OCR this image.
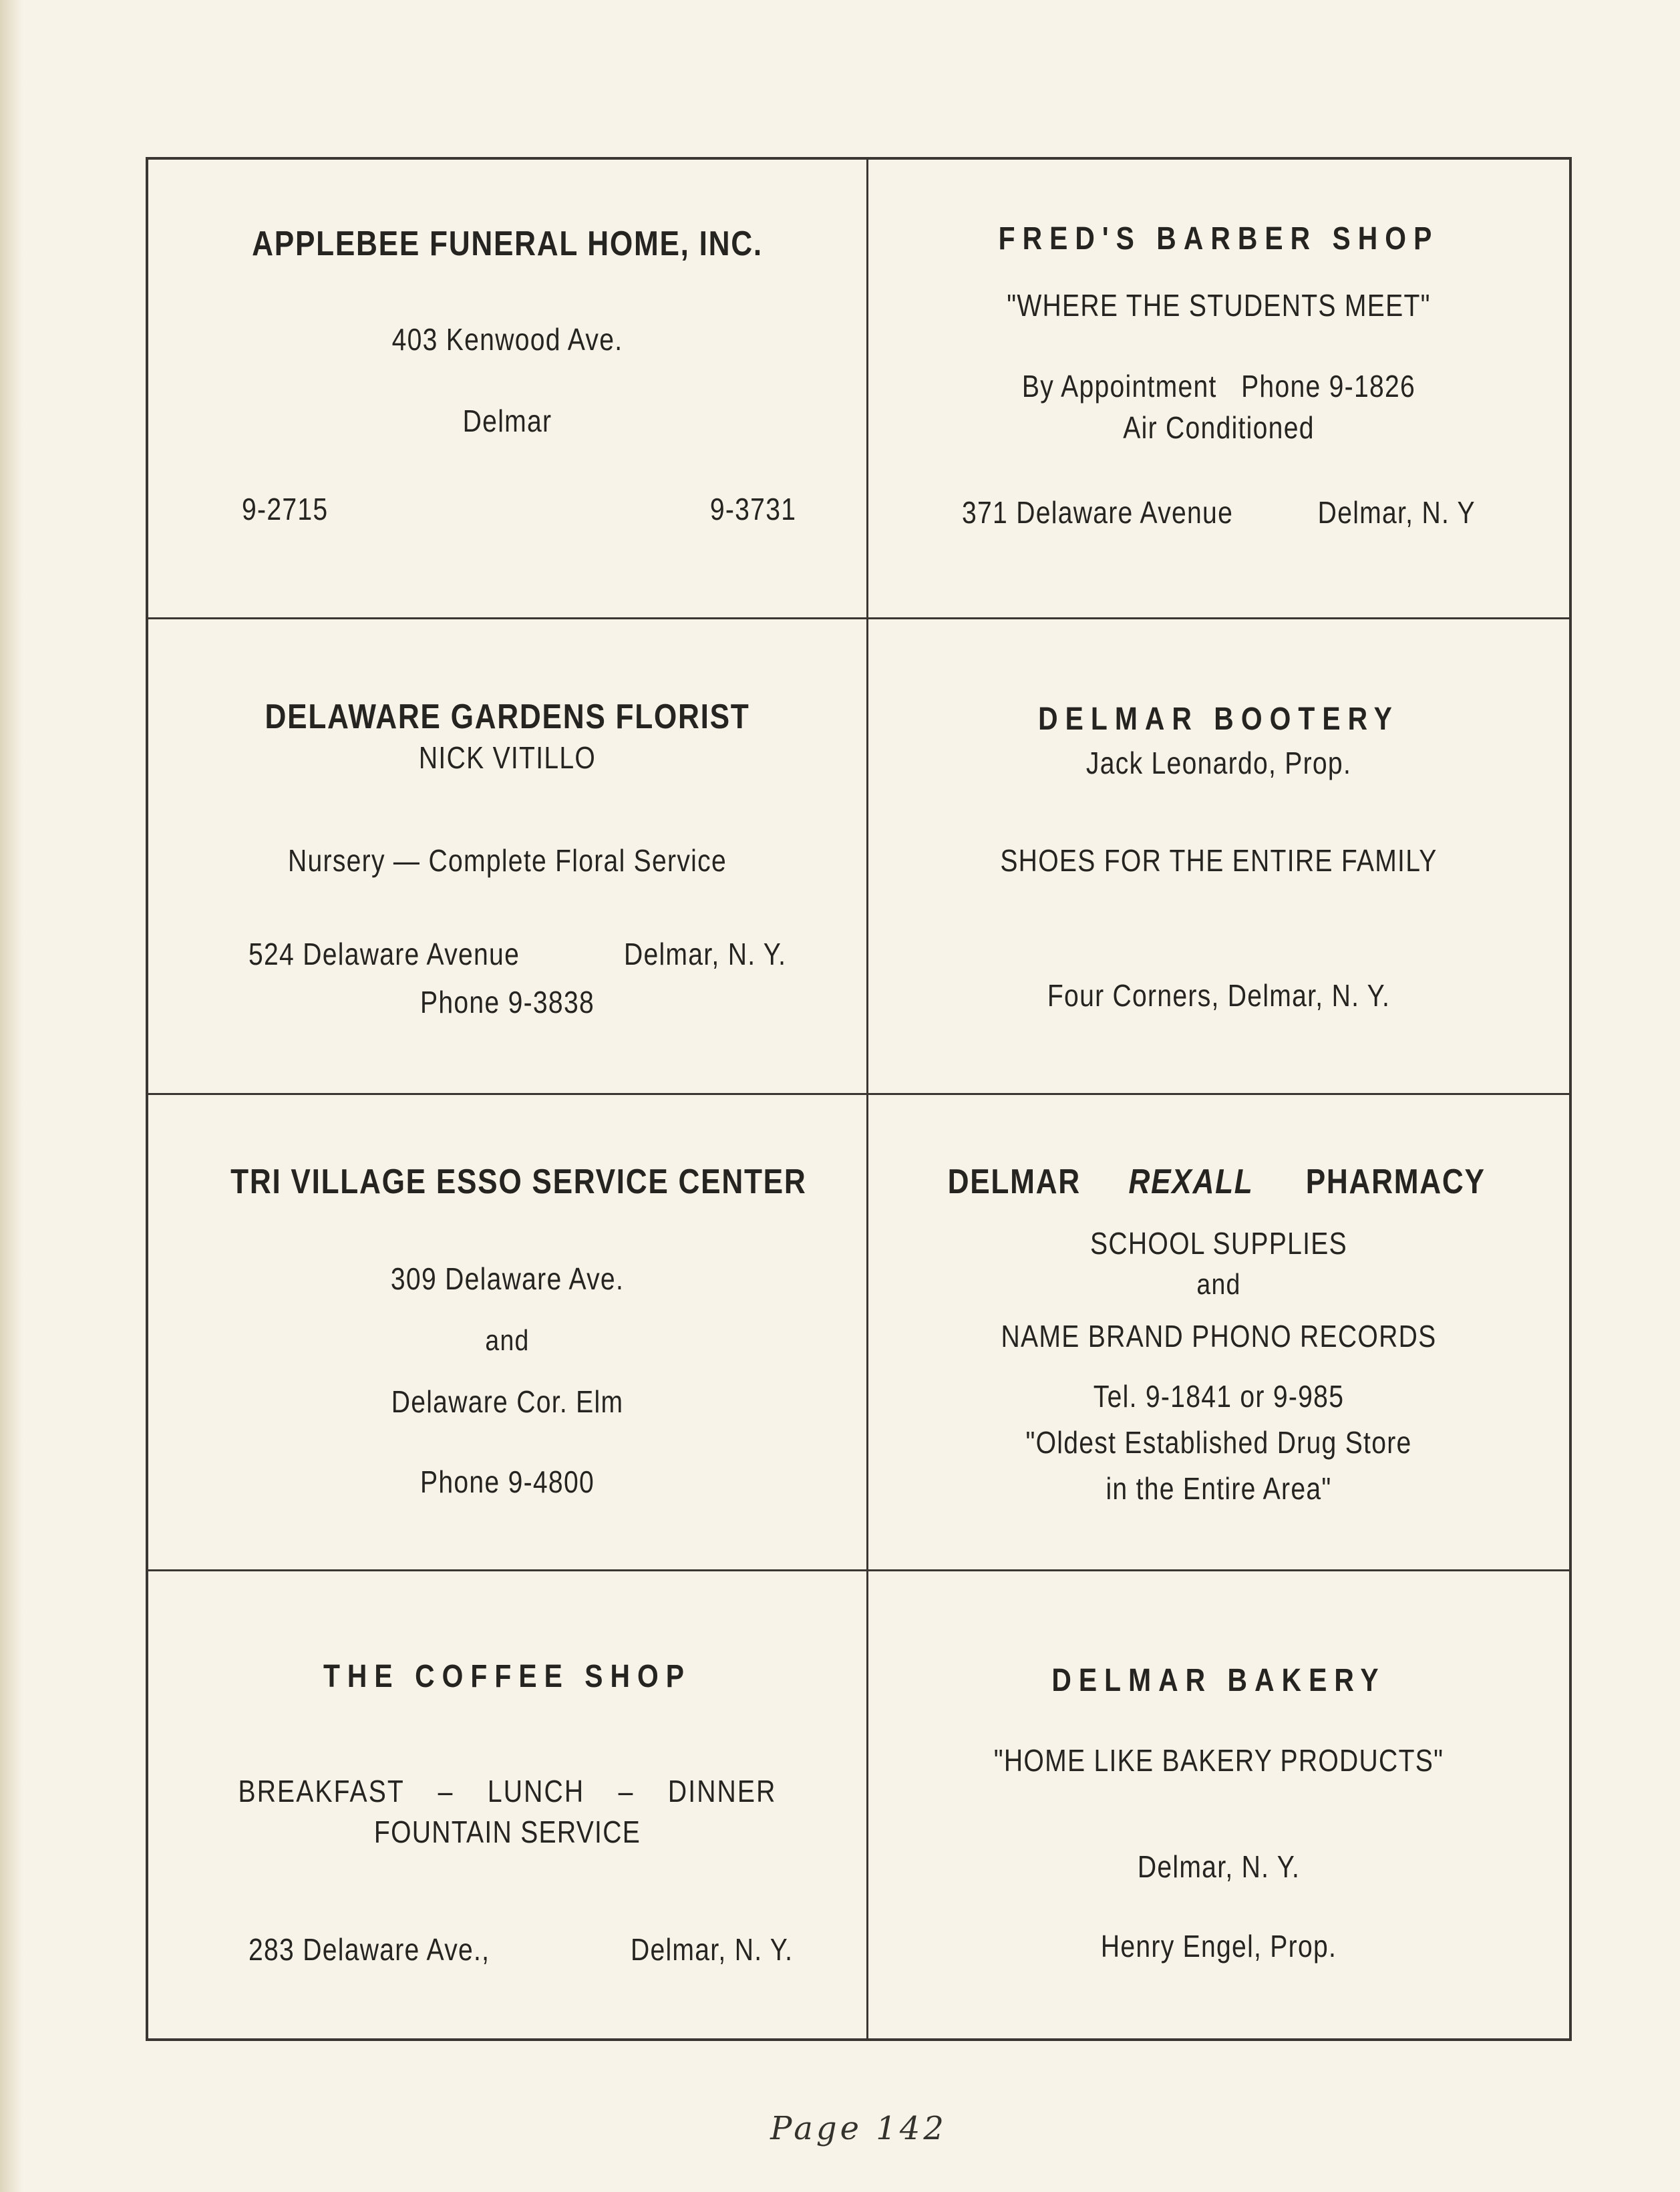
APPLEBEE FUNERAL HOME, INC.
403 Kenwood Ave.
Delmar
9-2715	9-3731
FRED'S BARBER SHOP
"WHERE THE STUDENTS MEET"
By Appointment   Phone 9-1826
Air Conditioned
371 Delaware Avenue	Delmar, N. Y
DELAWARE GARDENS FLORIST
NICK VITILLO
Nursery — Complete Floral Service
524 Delaware Avenue	Delmar, N. Y.
Phone 9-3838
DELMAR BOOTERY
Jack Leonardo, Prop.
SHOES FOR THE ENTIRE FAMILY
Four Corners, Delmar, N. Y.
TRI VILLAGE ESSO SERVICE CENTER
309 Delaware Ave.
and
Delaware Cor. Elm
Phone 9-4800
DELMAR REXALL PHARMACY
SCHOOL SUPPLIES
and
NAME BRAND PHONO RECORDS
Tel. 9-1841 or 9-985
"Oldest Established Drug Store
in the Entire Area"
THE COFFEE SHOP
BREAKFAST – LUNCH – DINNER
FOUNTAIN SERVICE
283 Delaware Ave.,	Delmar, N. Y.
DELMAR BAKERY
"HOME LIKE BAKERY PRODUCTS"
Delmar, N. Y.
Henry Engel, Prop.
Page 142
